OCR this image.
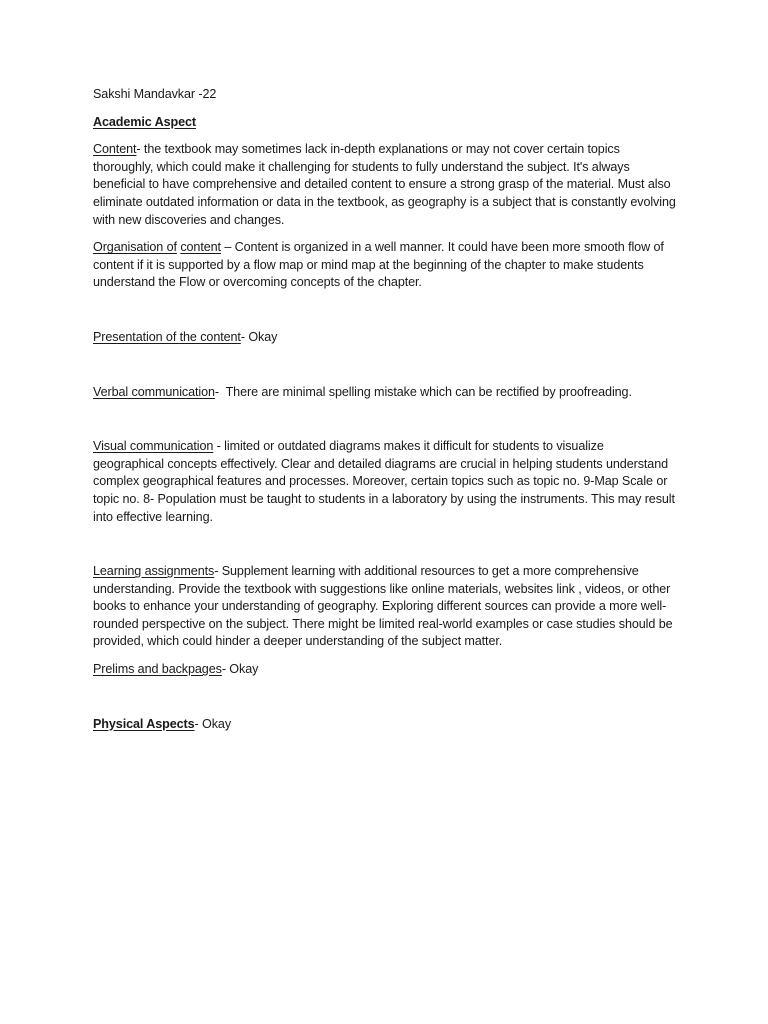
Sakshi Mandavkar -22

Academic Aspect

Content- the textbook may sometimes lack in-depth explanations or may not cover certain topics thoroughly, which could make it challenging for students to fully understand the subject. It's always beneficial to have comprehensive and detailed content to ensure a strong grasp of the material. Must also eliminate outdated information or data in the textbook, as geography is a subject that is constantly evolving with new discoveries and changes.

Organisation of content – Content is organized in a well manner. It could have been more smooth flow of content if it is supported by a flow map or mind map at the beginning of the chapter to make students understand the Flow or overcoming concepts of the chapter.

Presentation of the content- Okay

Verbal communication-  There are minimal spelling mistake which can be rectified by proofreading.

Visual communication - limited or outdated diagrams makes it difficult for students to visualize geographical concepts effectively. Clear and detailed diagrams are crucial in helping students understand complex geographical features and processes. Moreover, certain topics such as topic no. 9-Map Scale or topic no. 8- Population must be taught to students in a laboratory by using the instruments. This may result into effective learning.

Learning assignments- Supplement learning with additional resources to get a more comprehensive understanding. Provide the textbook with suggestions like online materials, websites link , videos, or other books to enhance your understanding of geography. Exploring different sources can provide a more well-rounded perspective on the subject. There might be limited real-world examples or case studies should be provided, which could hinder a deeper understanding of the subject matter.

Prelims and backpages- Okay

Physical Aspects- Okay
